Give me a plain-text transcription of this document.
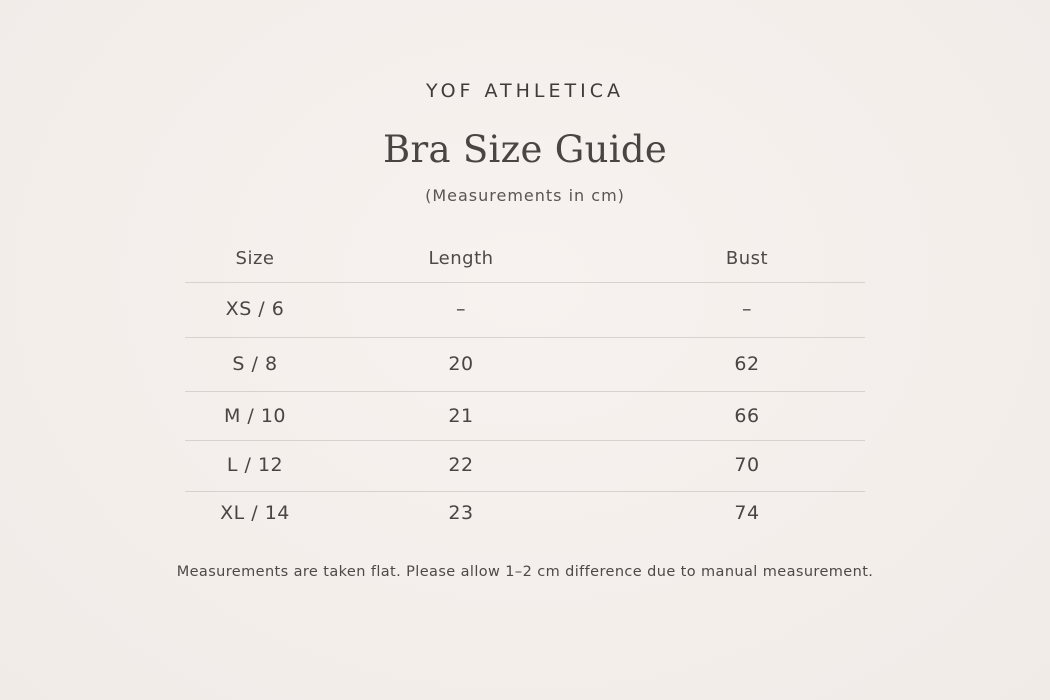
YOF ATHLETICA
Bra Size Guide
(Measurements in cm)
Size	Length	Bust
XS / 6	–	–
S / 8	20	62
M / 10	21	66
L / 12	22	70
XL / 14	23	74
Measurements are taken flat. Please allow 1–2 cm difference due to manual measurement.
